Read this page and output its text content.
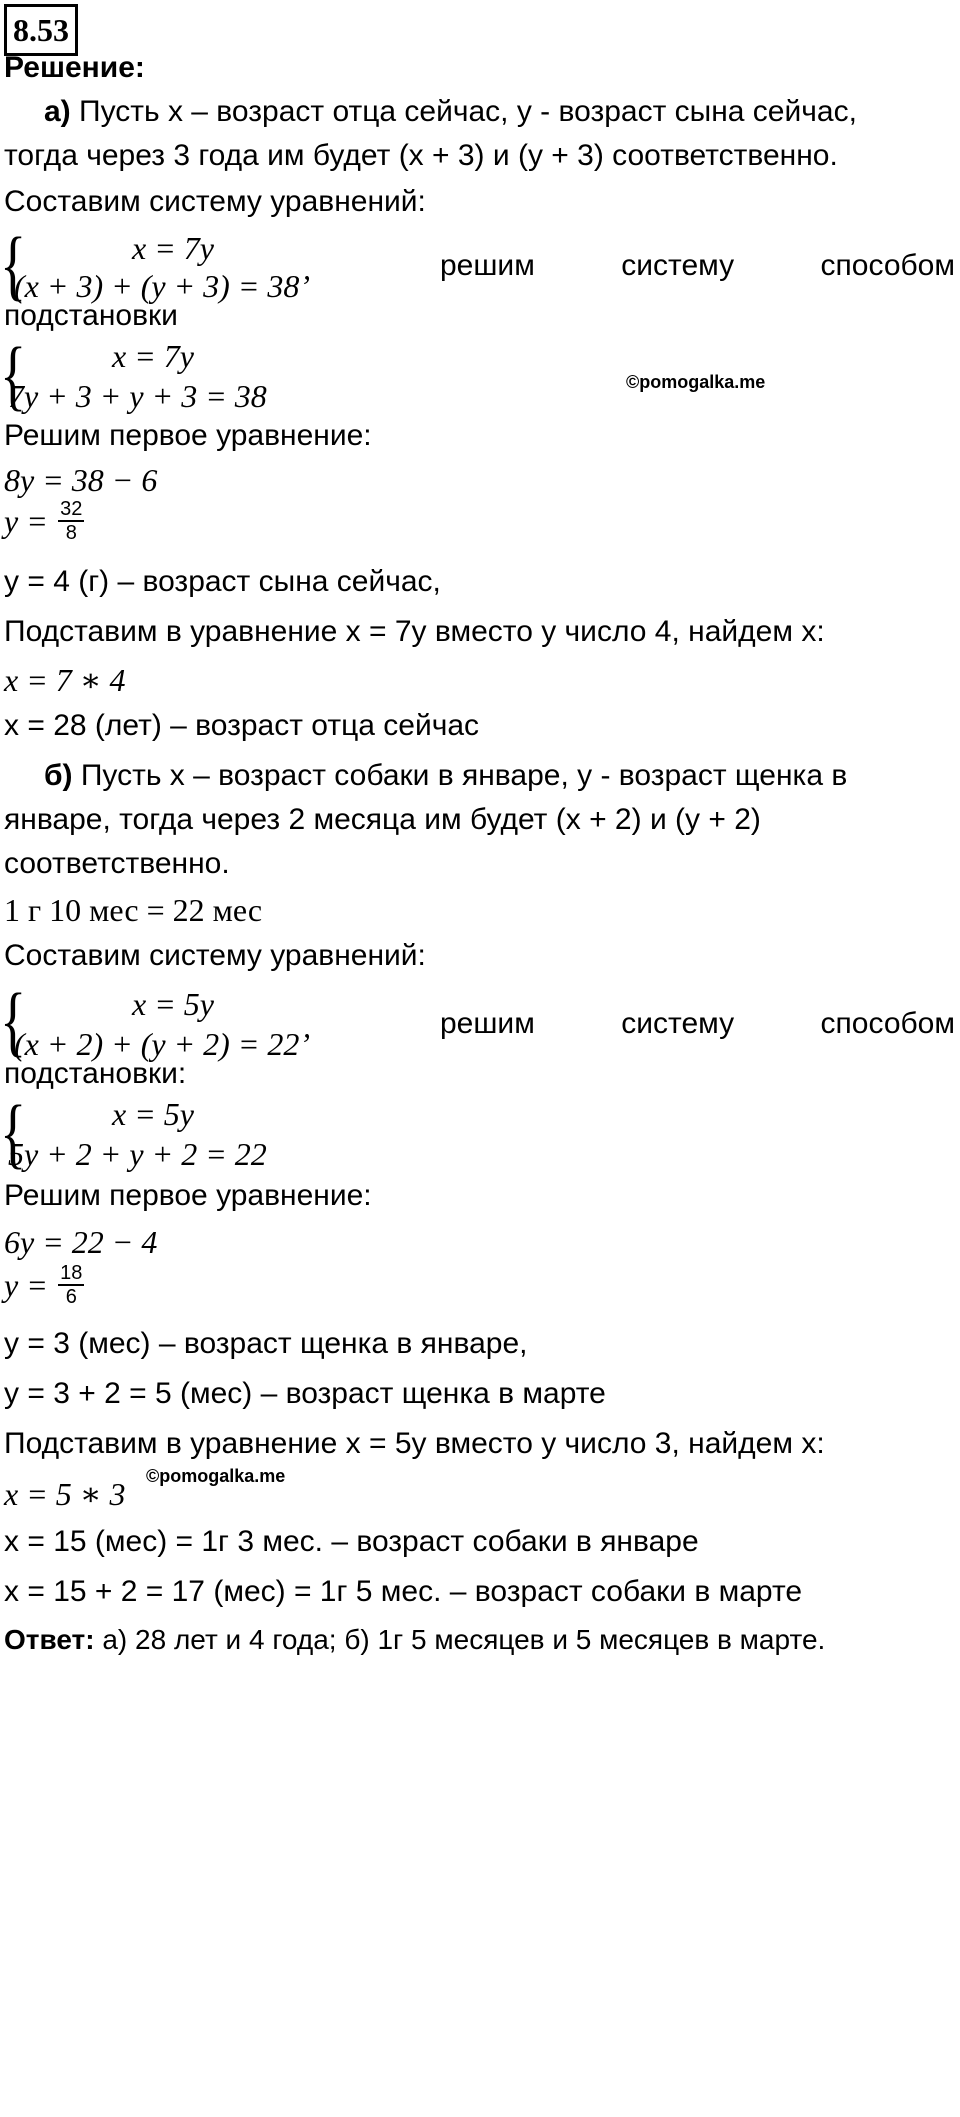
8.53
Решение:
а) Пусть x – возраст отца сейчас, y - возраст сына сейчас,
тогда через 3 года им будет (x + 3) и (y + 3) соответственно.
Составим систему уравнений:
{	x = 7y
(x + 3) + (y + 3) = 38’
решим	систему	способом
подстановки
{	x = 7y
7y + 3 + y + 3 = 38	©pomogalka.me
Решим первое уравнение:
8y = 38 − 6
$y = \frac{32}{8}$
y = 4 (г) – возраст сына сейчас,
Подставим в уравнение x = 7y вместо y число 4, найдем x:
x = 7 ∗ 4
x = 28 (лет) – возраст отца сейчас
б) Пусть x – возраст собаки в январе, y - возраст щенка в
январе, тогда через 2 месяца им будет (x + 2) и (y + 2)
соответственно.
1 г 10 мес = 22 мес
Составим систему уравнений:
{	x = 5y
(x + 2) + (y + 2) = 22’
решим	систему	способом
подстановки:
{	x = 5y
5y + 2 + y + 2 = 22
Решим первое уравнение:
6y = 22 − 4
$y = \frac{18}{6}$
y = 3 (мес) – возраст щенка в январе,
y = 3 + 2 = 5 (мес) – возраст щенка в марте
Подставим в уравнение x = 5y вместо y число 3, найдем x:
x = 5 ∗ 3 ©pomogalka.me
x = 15 (мес) = 1г 3 мес. – возраст собаки в январе
x = 15 + 2 = 17 (мес) = 1г 5 мес. – возраст собаки в марте
Ответ: а) 28 лет и 4 года; б) 1г 5 месяцев и 5 месяцев в марте.
